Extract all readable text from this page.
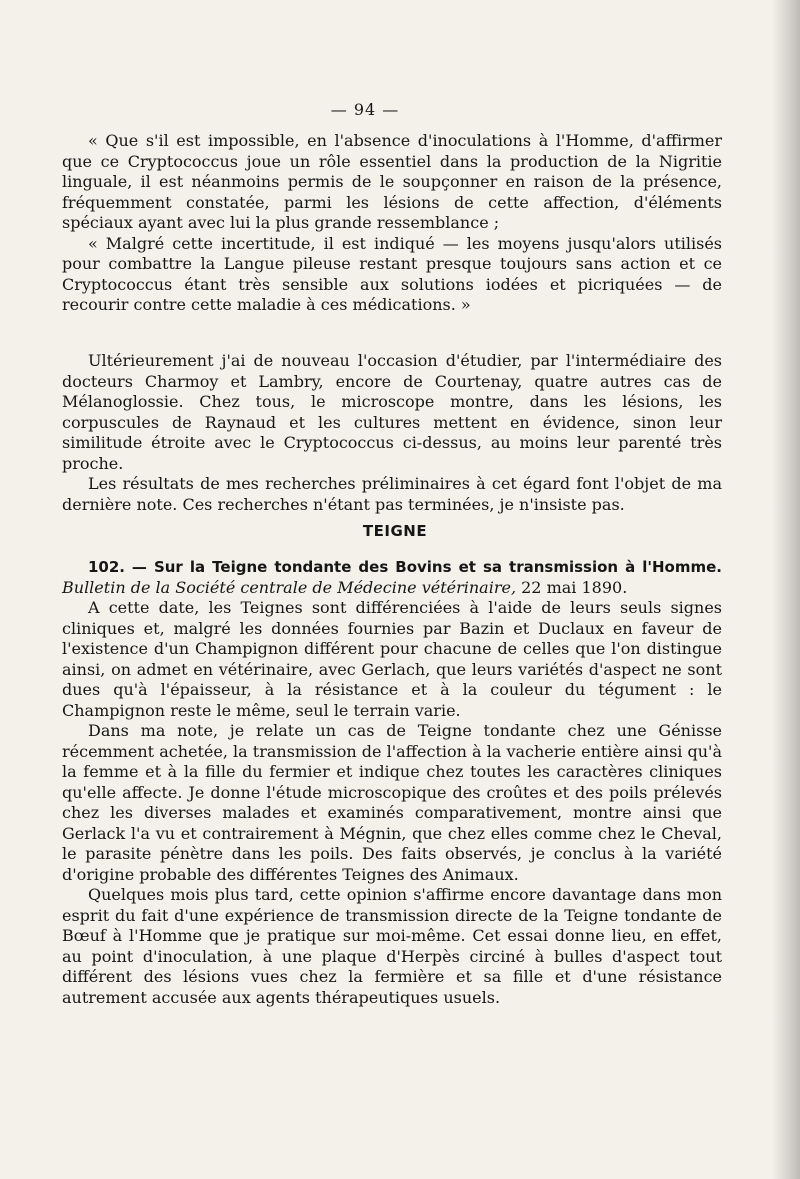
— 94 —

« Que s'il est impossible, en l'absence d'inoculations à l'Homme, d'affirmer que ce Cryptococcus joue un rôle essentiel dans la production de la Nigritie linguale, il est néanmoins permis de le soupçonner en raison de la présence, fréquemment constatée, parmi les lésions de cette affection, d'éléments spéciaux ayant avec lui la plus grande ressemblance ;

« Malgré cette incertitude, il est indiqué — les moyens jusqu'alors utilisés pour combattre la Langue pileuse restant presque toujours sans action et ce Cryptococcus étant très sensible aux solutions iodées et picriquées — de recourir contre cette maladie à ces médications. »

Ultérieurement j'ai de nouveau l'occasion d'étudier, par l'intermédiaire des docteurs Charmoy et Lambry, encore de Courtenay, quatre autres cas de Mélanoglossie. Chez tous, le microscope montre, dans les lésions, les corpuscules de Raynaud et les cultures mettent en évidence, sinon leur similitude étroite avec le Cryptococcus ci-dessus, au moins leur parenté très proche.

Les résultats de mes recherches préliminaires à cet égard font l'objet de ma dernière note. Ces recherches n'étant pas terminées, je n'insiste pas.

TEIGNE

102. — Sur la Teigne tondante des Bovins et sa transmission à l'Homme. Bulletin de la Société centrale de Médecine vétérinaire, 22 mai 1890.

A cette date, les Teignes sont différenciées à l'aide de leurs seuls signes cliniques et, malgré les données fournies par Bazin et Duclaux en faveur de l'existence d'un Champignon différent pour chacune de celles que l'on distingue ainsi, on admet en vétérinaire, avec Gerlach, que leurs variétés d'aspect ne sont dues qu'à l'épaisseur, à la résistance et à la couleur du tégument : le Champignon reste le même, seul le terrain varie.

Dans ma note, je relate un cas de Teigne tondante chez une Génisse récemment achetée, la transmission de l'affection à la vacherie entière ainsi qu'à la femme et à la fille du fermier et indique chez toutes les caractères cliniques qu'elle affecte. Je donne l'étude microscopique des croûtes et des poils prélevés chez les diverses malades et examinés comparativement, montre ainsi que Gerlack l'a vu et contrairement à Mégnin, que chez elles comme chez le Cheval, le parasite pénètre dans les poils. Des faits observés, je conclus à la variété d'origine probable des différentes Teignes des Animaux.

Quelques mois plus tard, cette opinion s'affirme encore davantage dans mon esprit du fait d'une expérience de transmission directe de la Teigne tondante de Bœuf à l'Homme que je pratique sur moi-même. Cet essai donne lieu, en effet, au point d'inoculation, à une plaque d'Herpès circiné à bulles d'aspect tout différent des lésions vues chez la fermière et sa fille et d'une résistance autrement accusée aux agents thérapeutiques usuels.
